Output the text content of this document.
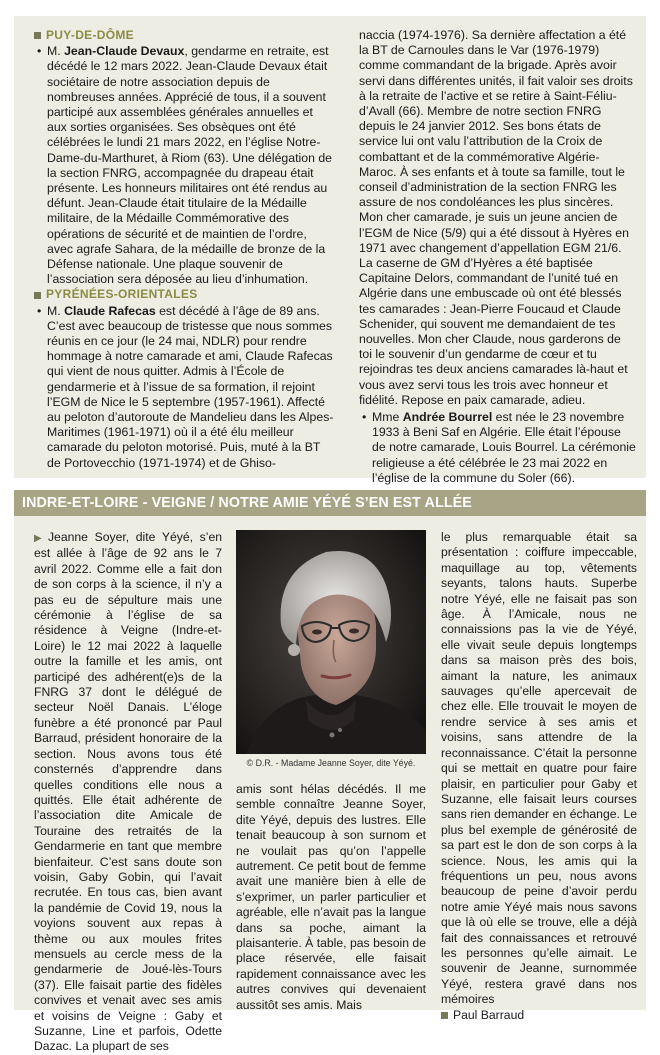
PUY-DE-DÔME
• M. Jean-Claude Devaux, gendarme en retraite, est décédé le 12 mars 2022. Jean-Claude Devaux était sociétaire de notre association depuis de nombreuses années. Apprécié de tous, il a souvent participé aux assemblées générales annuelles et aux sorties organisées. Ses obsèques ont été célébrées le lundi 21 mars 2022, en l’église Notre-Dame-du-Marthuret, à Riom (63). Une délégation de la section FNRG, accompagnée du drapeau était présente. Les honneurs militaires ont été rendus au défunt. Jean-Claude était titulaire de la Médaille militaire, de la Médaille Commémorative des opérations de sécurité et de maintien de l’ordre, avec agrafe Sahara, de la médaille de bronze de la Défense nationale. Une plaque souvenir de l’association sera déposée au lieu d’inhumation.
PYRÉNÉES-ORIENTALES
• M. Claude Rafecas est décédé à l’âge de 89 ans. C’est avec beaucoup de tristesse que nous sommes réunis en ce jour (le 24 mai, NDLR) pour rendre hommage à notre camarade et ami, Claude Rafecas qui vient de nous quitter. Admis à l’École de gendarmerie et à l’issue de sa formation, il rejoint l’EGM de Nice le 5 septembre (1957-1961). Affecté au peloton d’autoroute de Mandelieu dans les Alpes-Maritimes (1961-1971) où il a été élu meilleur camarade du peloton motorisé. Puis, muté à la BT de Portovecchio (1971-1974) et de Ghiso-
naccia (1974-1976). Sa dernière affectation a été la BT de Carnoules dans le Var (1976-1979) comme commandant de la brigade. Après avoir servi dans différentes unités, il fait valoir ses droits à la retraite de l’active et se retire à Saint-Féliu-d’Avall (66). Membre de notre section FNRG depuis le 24 janvier 2012. Ses bons états de service lui ont valu l’attribution de la Croix de combattant et de la commémorative Algérie-Maroc. À ses enfants et à toute sa famille, tout le conseil d’administration de la section FNRG les assure de nos condoléances les plus sincères. Mon cher camarade, je suis un jeune ancien de l’EGM de Nice (5/9) qui a été dissout à Hyères en 1971 avec changement d’appellation EGM 21/6. La caserne de GM d’Hyères a été baptisée Capitaine Delors, commandant de l’unité tué en Algérie dans une embuscade où ont été blessés tes camarades : Jean-Pierre Foucaud et Claude Schenider, qui souvent me demandaient de tes nouvelles. Mon cher Claude, nous garderons de toi le souvenir d’un gendarme de cœur et tu rejoindras tes deux anciens camarades là-haut et vous avez servi tous les trois avec honneur et fidélité. Repose en paix camarade, adieu.
• Mme Andrée Bourrel est née le 23 novembre 1933 à Beni Saf en Algérie. Elle était l’épouse de notre camarade, Louis Bourrel. La cérémonie religieuse a été célébrée le 23 mai 2022 en l’église de la commune du Soler (66).
INDRE-ET-LOIRE - VEIGNE / NOTRE AMIE YÉYÉ S’EN EST ALLÉE
▶ Jeanne Soyer, dite Yéyé, s’en est allée à l’âge de 92 ans le 7 avril 2022. Comme elle a fait don de son corps à la science, il n’y a pas eu de sépulture mais une cérémonie à l’église de sa résidence à Veigne (Indre-et-Loire) le 12 mai 2022 à laquelle outre la famille et les amis, ont participé des adhérent(e)s de la FNRG 37 dont le délégué de secteur Noël Danais. L’éloge funèbre a été prononcé par Paul Barraud, président honoraire de la section. Nous avons tous été consternés d’apprendre dans quelles conditions elle nous a quittés. Elle était adhérente de l’association dite Amicale de Touraine des retraités de la Gendarmerie en tant que membre bienfaiteur. C’est sans doute son voisin, Gaby Gobin, qui l’avait recrutée. En tous cas, bien avant la pandémie de Covid 19, nous la voyions souvent aux repas à thème ou aux moules frites mensuels au cercle mess de la gendarmerie de Joué-lès-Tours (37). Elle faisait partie des fidèles convives et venait avec ses amis et voisins de Veigne : Gaby et Suzanne, Line et parfois, Odette Dazac. La plupart de ses
© D.R. - Madame Jeanne Soyer, dite Yéyé.
amis sont hélas décédés. Il me semble connaître Jeanne Soyer, dite Yéyé, depuis des lustres. Elle tenait beaucoup à son surnom et ne voulait pas qu’on l’appelle autrement. Ce petit bout de femme avait une manière bien à elle de s’exprimer, un parler particulier et agréable, elle n’avait pas la langue dans sa poche, aimant la plaisanterie. À table, pas besoin de place réservée, elle faisait rapidement connaissance avec les autres convives qui devenaient aussitôt ses amis. Mais
le plus remarquable était sa présentation : coiffure impeccable, maquillage au top, vêtements seyants, talons hauts. Superbe notre Yéyé, elle ne faisait pas son âge. À l’Amicale, nous ne connaissions pas la vie de Yéyé, elle vivait seule depuis longtemps dans sa maison près des bois, aimant la nature, les animaux sauvages qu’elle apercevait de chez elle. Elle trouvait le moyen de rendre service à ses amis et voisins, sans attendre de la reconnaissance. C’était la personne qui se mettait en quatre pour faire plaisir, en particulier pour Gaby et Suzanne, elle faisait leurs courses sans rien demander en échange. Le plus bel exemple de générosité de sa part est le don de son corps à la science. Nous, les amis qui la fréquentions un peu, nous avons beaucoup de peine d’avoir perdu notre amie Yéyé mais nous savons que là où elle se trouve, elle a déjà fait des connaissances et retrouvé les personnes qu’elle aimait. Le souvenir de Jeanne, surnommée Yéyé, restera gravé dans nos mémoires
Paul Barraud
